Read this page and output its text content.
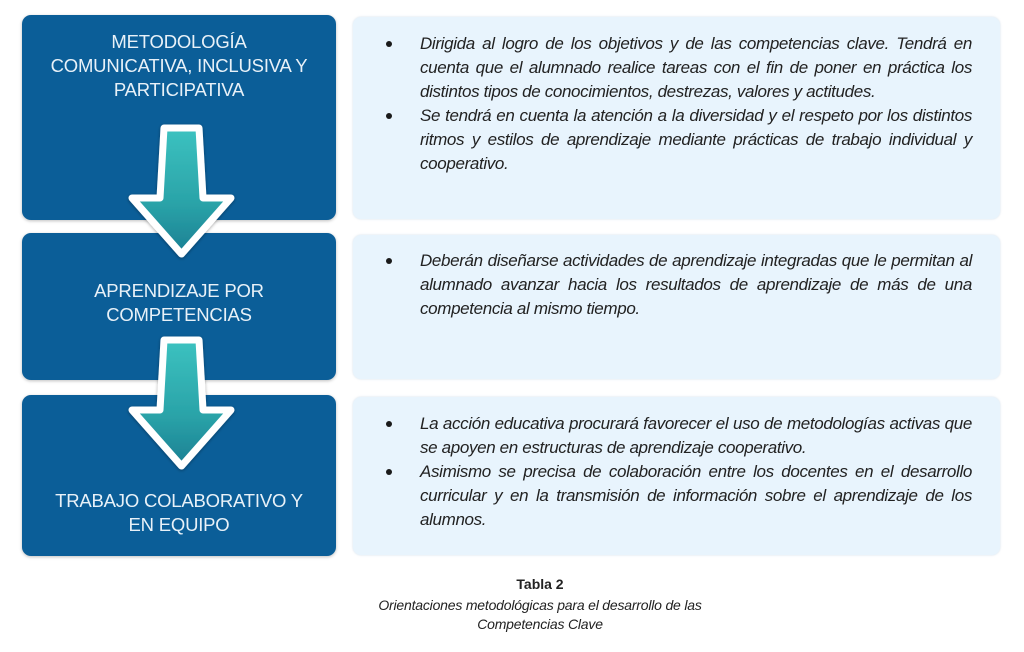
METODOLOGÍA
COMUNICATIVA, INCLUSIVA Y
PARTICIPATIVA
Dirigida al logro de los objetivos y de las competencias clave. Tendrá en cuenta que el alumnado realice tareas con el fin de poner en práctica los distintos tipos de conocimientos, destrezas, valores y actitudes.
Se tendrá en cuenta la atención a la diversidad y el respeto por los distintos ritmos y estilos de aprendizaje mediante prácticas de trabajo individual y cooperativo.
APRENDIZAJE POR
COMPETENCIAS
Deberán diseñarse actividades de aprendizaje integradas que le permitan al alumnado avanzar hacia los resultados de aprendizaje de más de una competencia al mismo tiempo.
TRABAJO COLABORATIVO Y
EN EQUIPO
La acción educativa procurará favorecer el uso de metodologías activas que se apoyen en estructuras de aprendizaje cooperativo.
Asimismo se precisa de colaboración entre los docentes en el desarrollo curricular y en la transmisión de información sobre el aprendizaje de los alumnos.
Tabla 2
Orientaciones metodológicas para el desarrollo de las
Competencias Clave
